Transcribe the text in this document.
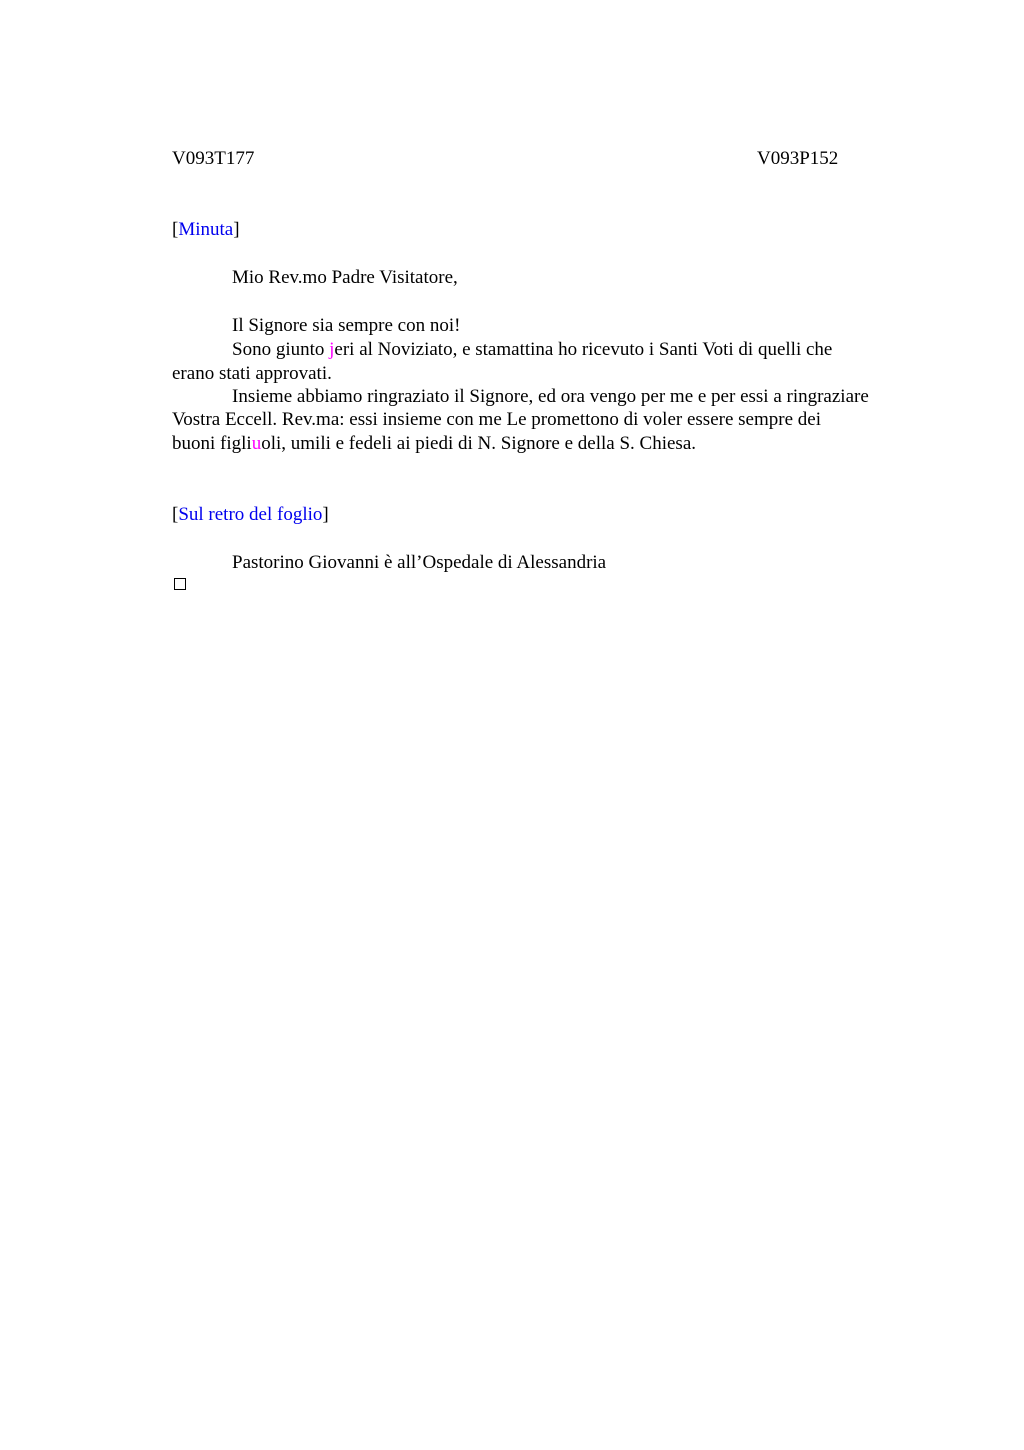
V093T177	V093P152
[Minuta]
Mio Rev.mo Padre Visitatore,
Il Signore sia sempre con noi!
Sono giunto jeri al Noviziato, e stamattina ho ricevuto i Santi Voti di quelli che
erano stati approvati.
Insieme abbiamo ringraziato il Signore, ed ora vengo per me e per essi a ringraziare
Vostra Eccell. Rev.ma: essi insieme con me Le promettono di voler essere sempre dei
buoni figliuoli, umili e fedeli ai piedi di N. Signore e della S. Chiesa.
[Sul retro del foglio]
Pastorino Giovanni è all’Ospedale di Alessandria
